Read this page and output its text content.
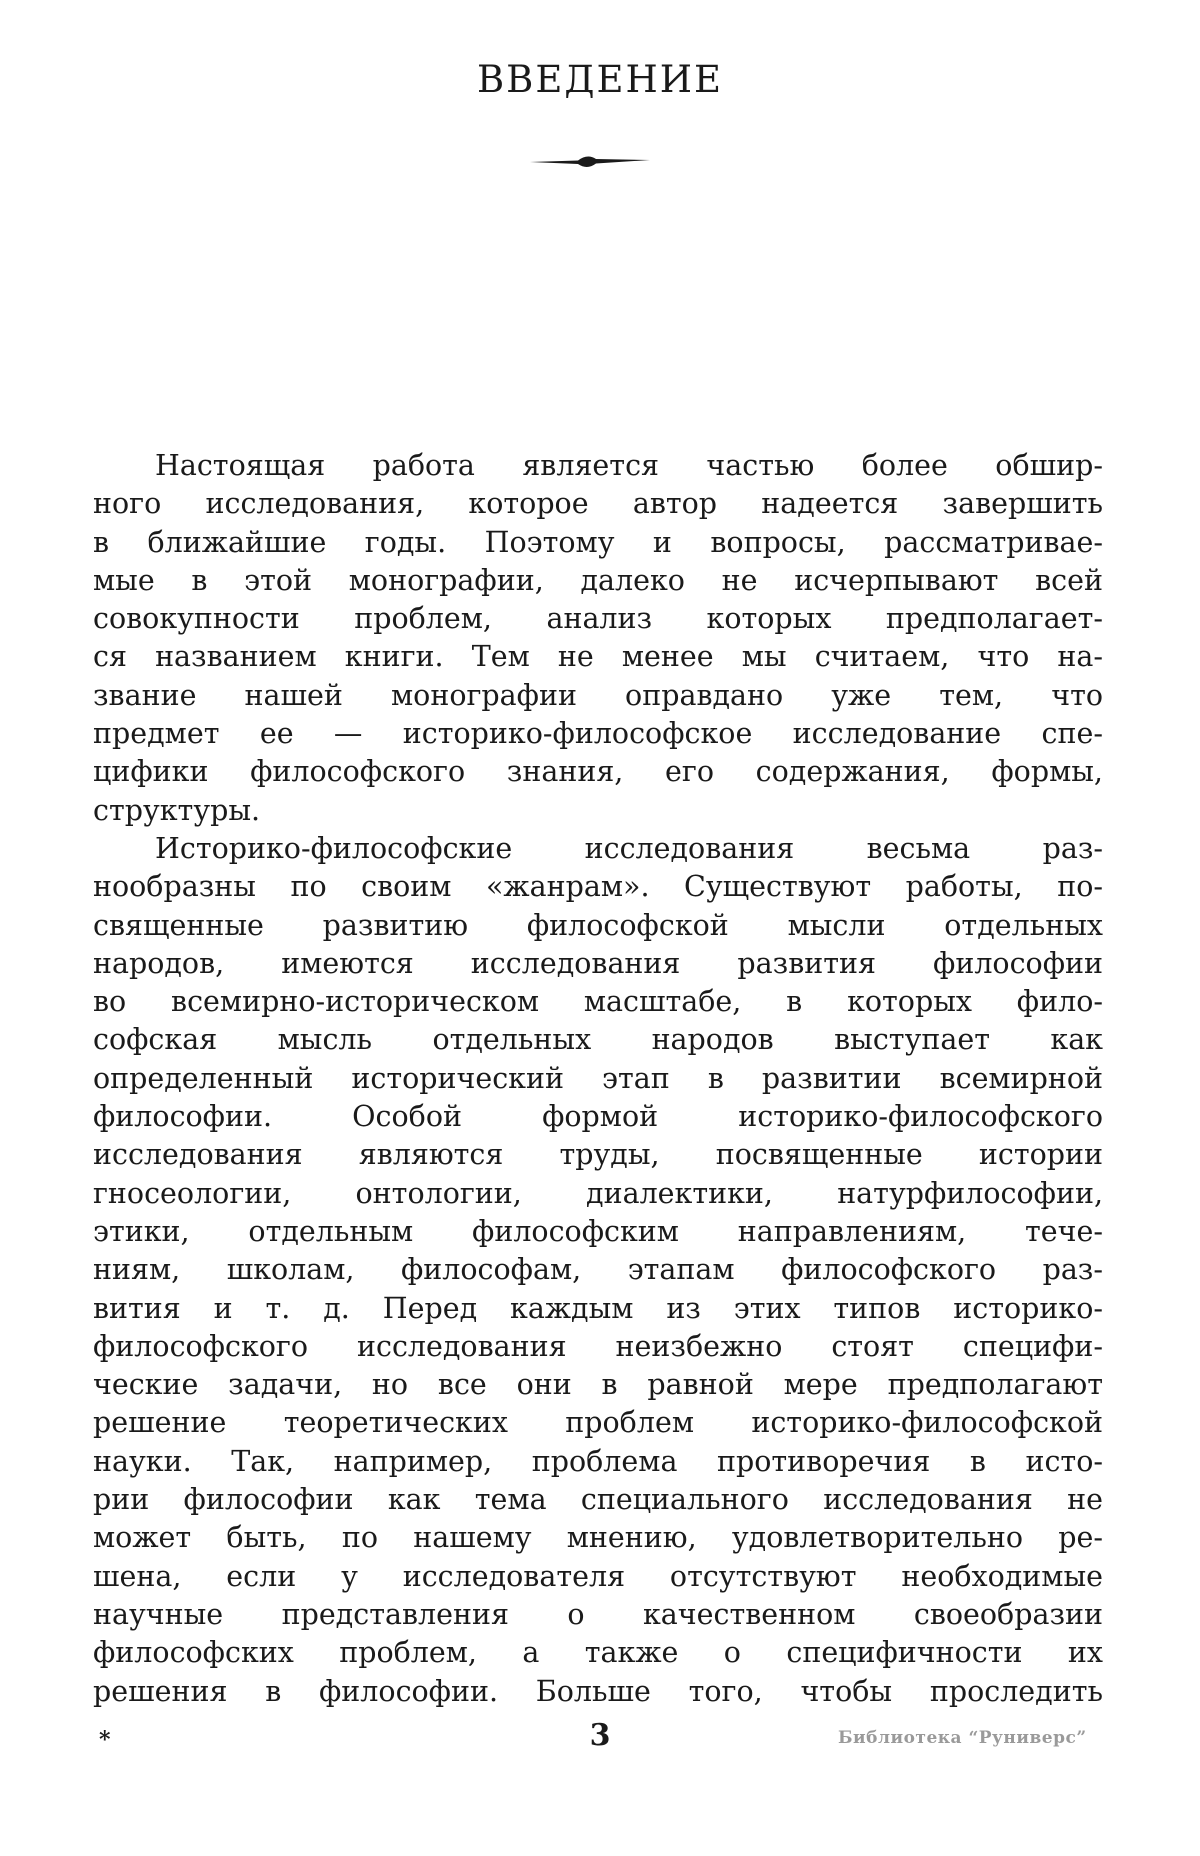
ВВЕДЕНИЕ

Настоящая работа является частью более обшир-
ного исследования, которое автор надеется завершить
в ближайшие годы. Поэтому и вопросы, рассматривае-
мые в этой монографии, далеко не исчерпывают всей
совокупности проблем, анализ которых предполагает-
ся названием книги. Тем не менее мы считаем, что на-
звание нашей монографии оправдано уже тем, что
предмет ее — историко-философское исследование спе-
цифики философского знания, его содержания, формы,
структуры.

Историко-философские исследования весьма раз-
нообразны по своим «жанрам». Существуют работы, по-
священные развитию философской мысли отдельных
народов, имеются исследования развития философии
во всемирно-историческом масштабе, в которых фило-
софская мысль отдельных народов выступает как
определенный исторический этап в развитии всемирной
философии. Особой формой историко-философского
исследования являются труды, посвященные истории
гносеологии, онтологии, диалектики, натурфилософии,
этики, отдельным философским направлениям, тече-
ниям, школам, философам, этапам философского раз-
вития и т. д. Перед каждым из этих типов историко-
философского исследования неизбежно стоят специфи-
ческие задачи, но все они в равной мере предполагают
решение теоретических проблем историко-философской
науки. Так, например, проблема противоречия в исто-
рии философии как тема специального исследования не
может быть, по нашему мнению, удовлетворительно ре-
шена, если у исследователя отсутствуют необходимые
научные представления о качественном своеобразии
философских проблем, а также о специфичности их
решения в философии. Больше того, чтобы проследить

*	3	Библиотека “Руниверс”
